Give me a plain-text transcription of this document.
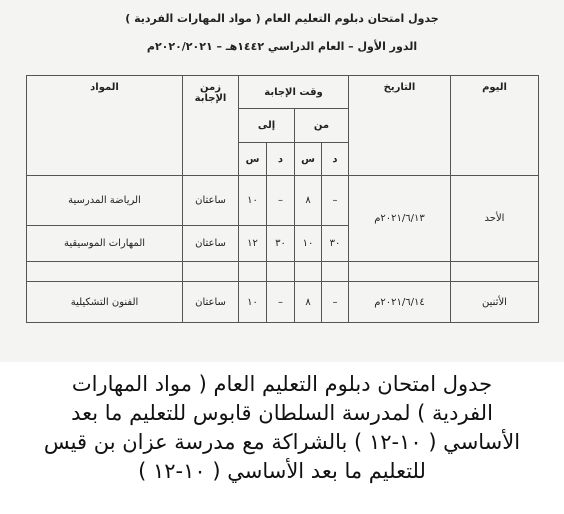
جدول امتحان دبلوم التعليم العام ( مواد المهارات الفردية )
الدور الأول – العام الدراسي ١٤٤٢هـ – ٢٠٢٠/٢٠٢١م
اليوم	التاريخ	وقت الإجابة				زمن الإجابة	المواد
		من		إلى			
		د	س	د	س		
الأحد	٢٠٢١/٦/١٣م	–	٨	–	١٠	ساعتان	الرياضة المدرسية

		٣٠	١٠	٣٠	١٢	ساعتان	المهارات الموسيقية

الأثنين	٢٠٢١/٦/١٤م	–	٨	–	١٠	ساعتان	الفنون التشكيلية
جدول امتحان دبلوم التعليم العام ( مواد المهارات
الفردية ) لمدرسة السلطان قابوس للتعليم ما بعد
الأساسي ( ١٠-١٢ ) بالشراكة مع مدرسة عزان بن قيس
للتعليم ما بعد الأساسي ( ١٠-١٢ )
